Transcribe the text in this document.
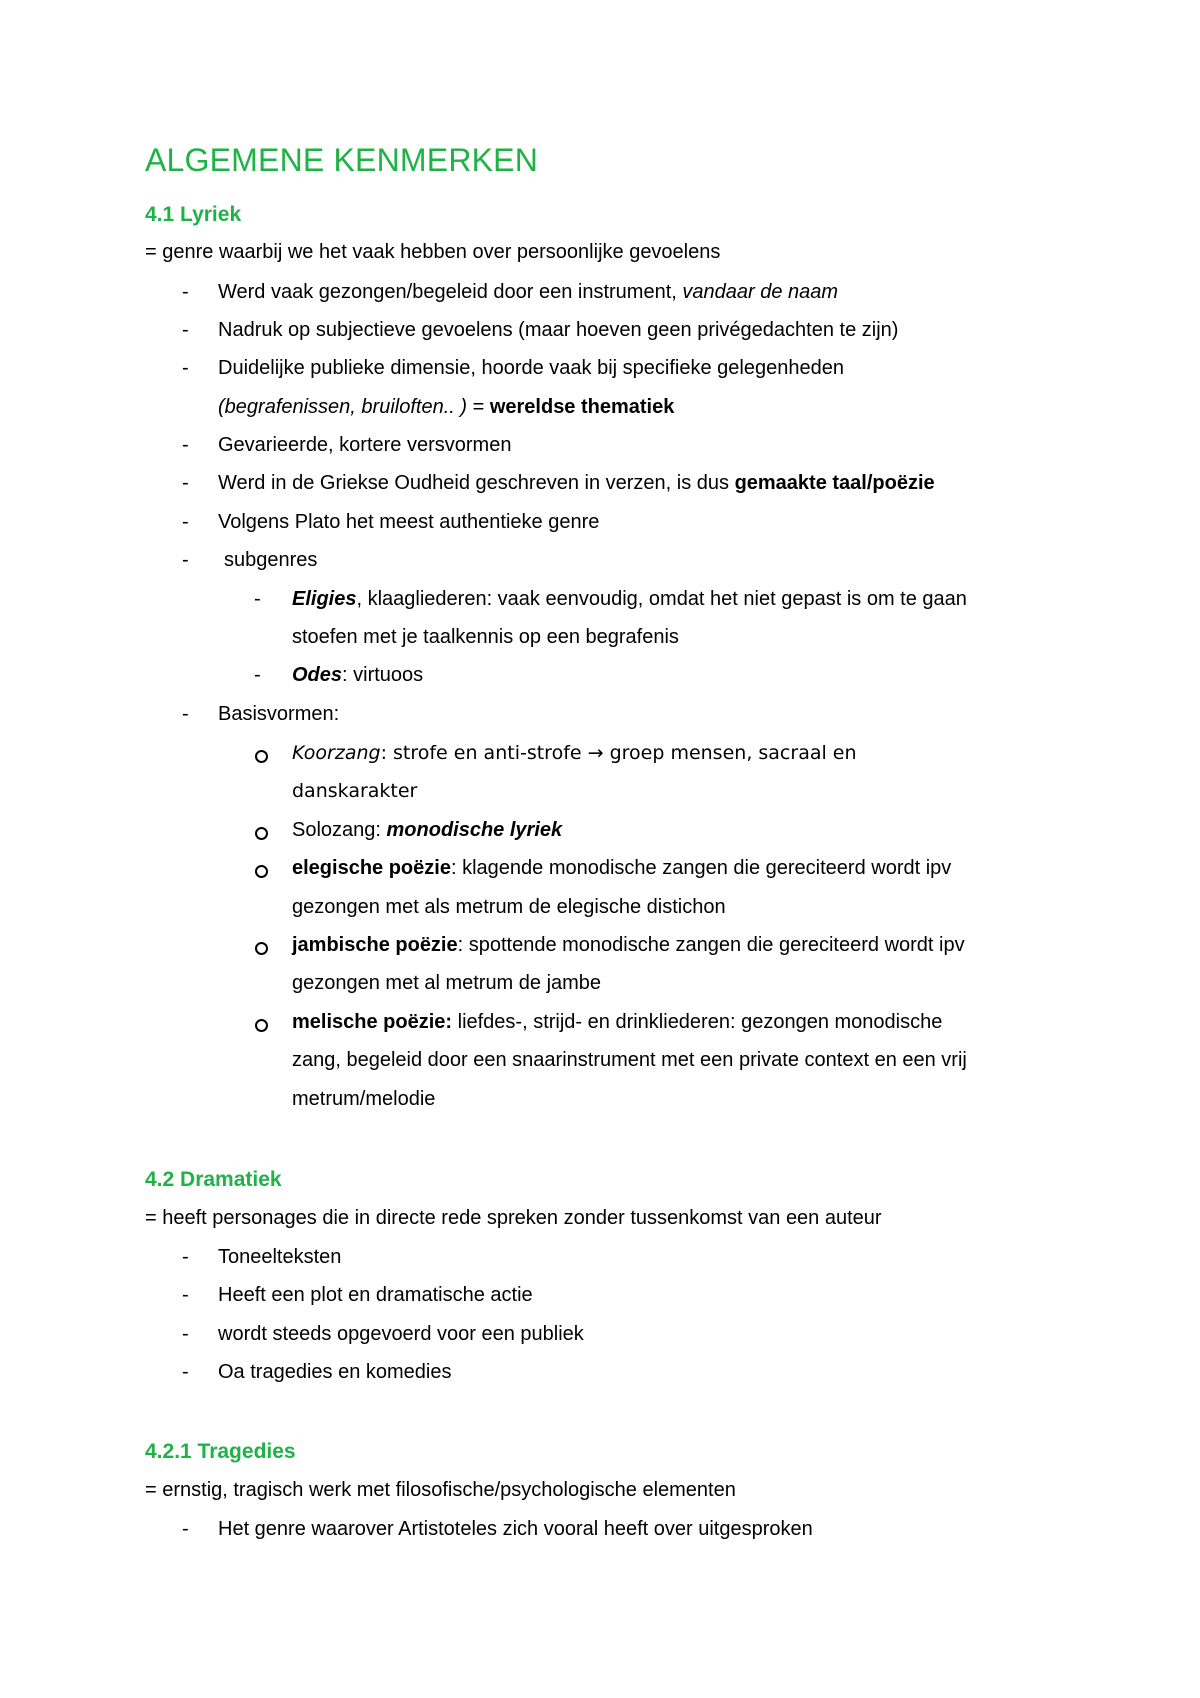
ALGEMENE KENMERKEN
4.1 Lyriek
= genre waarbij we het vaak hebben over persoonlijke gevoelens
- Werd vaak gezongen/begeleid door een instrument, vandaar de naam
- Nadruk op subjectieve gevoelens (maar hoeven geen privégedachten te zijn)
- Duidelijke publieke dimensie, hoorde vaak bij specifieke gelegenheden
(begrafenissen, bruiloften.. ) = wereldse thematiek
- Gevarieerde, kortere versvormen
- Werd in de Griekse Oudheid geschreven in verzen, is dus gemaakte taal/poëzie
- Volgens Plato het meest authentieke genre
- subgenres
- Eligies, klaagliederen: vaak eenvoudig, omdat het niet gepast is om te gaan
stoefen met je taalkennis op een begrafenis
- Odes: virtuoos
- Basisvormen:
Koorzang: strofe en anti-strofe → groep mensen, sacraal en
danskarakter
Solozang: monodische lyriek
elegische poëzie: klagende monodische zangen die gereciteerd wordt ipv
gezongen met als metrum de elegische distichon
jambische poëzie: spottende monodische zangen die gereciteerd wordt ipv
gezongen met al metrum de jambe
melische poëzie: liefdes-, strijd- en drinkliederen: gezongen monodische
zang, begeleid door een snaarinstrument met een private context en een vrij
metrum/melodie
4.2 Dramatiek
= heeft personages die in directe rede spreken zonder tussenkomst van een auteur
- Toneelteksten
- Heeft een plot en dramatische actie
- wordt steeds opgevoerd voor een publiek
- Oa tragedies en komedies
4.2.1 Tragedies
= ernstig, tragisch werk met filosofische/psychologische elementen
- Het genre waarover Artistoteles zich vooral heeft over uitgesproken
